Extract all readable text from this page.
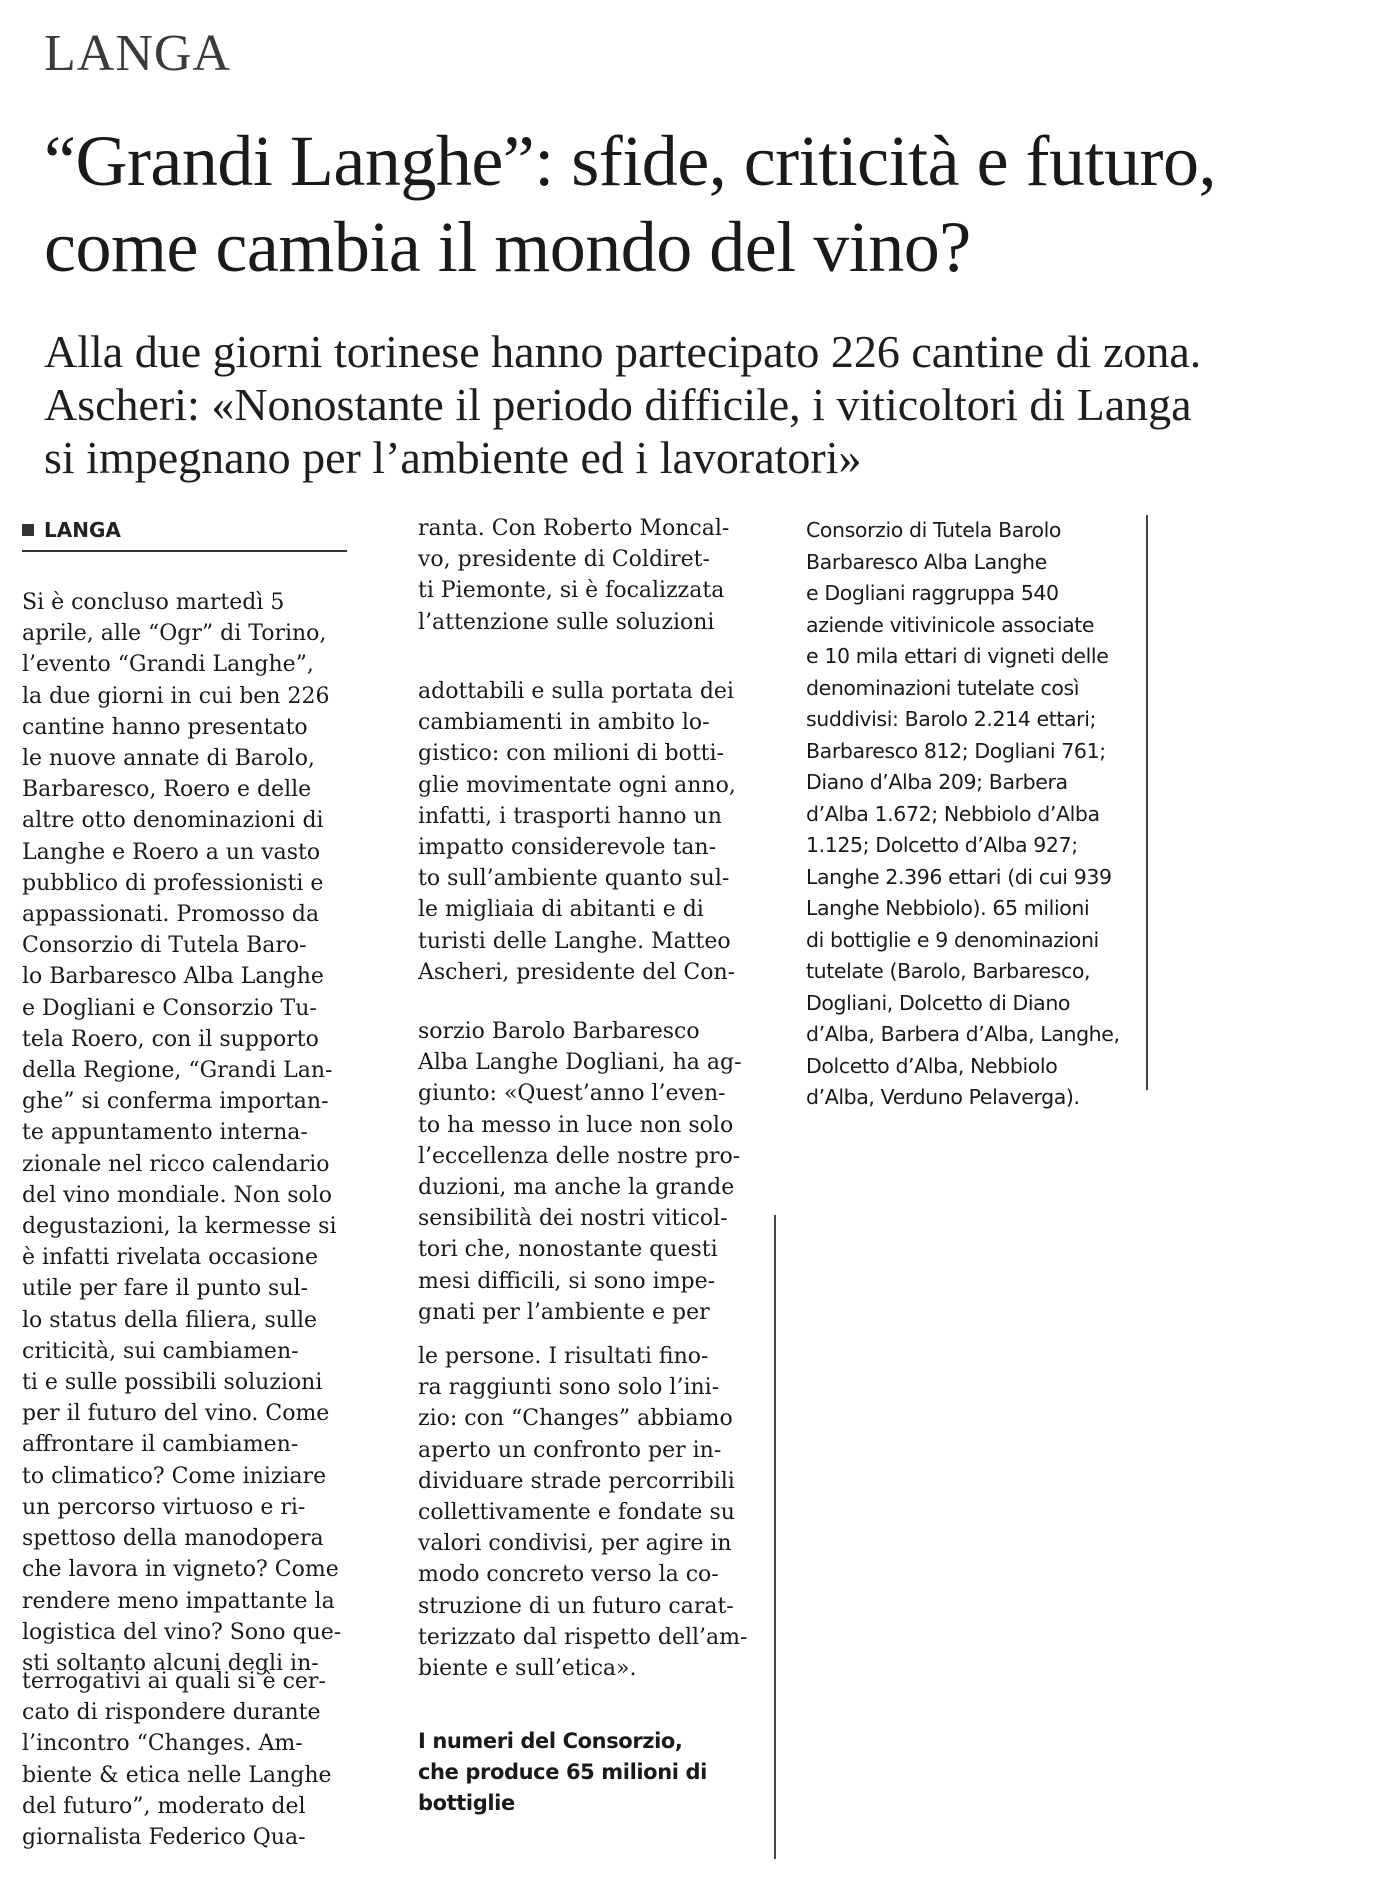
LANGA
“Grandi Langhe”: sfide, criticità e futuro,
come cambia il mondo del vino?
Alla due giorni torinese hanno partecipato 226 cantine di zona.
Ascheri: «Nonostante il periodo difficile, i viticoltori di Langa
si impegnano per l’ambiente ed i lavoratori»
LANGA
Si è concluso martedì 5
aprile, alle “Ogr” di Torino,
l’evento “Grandi Langhe”,
la due giorni in cui ben 226
cantine hanno presentato
le nuove annate di Barolo,
Barbaresco, Roero e delle
altre otto denominazioni di
Langhe e Roero a un vasto
pubblico di professionisti e
appassionati. Promosso da
Consorzio di Tutela Baro-
lo Barbaresco Alba Langhe
e Dogliani e Consorzio Tu-
tela Roero, con il supporto
della Regione, “Grandi Lan-
ghe” si conferma importan-
te appuntamento interna-
zionale nel ricco calendario
del vino mondiale. Non solo
degustazioni, la kermesse si
è infatti rivelata occasione
utile per fare il punto sul-
lo status della filiera, sulle
criticità, sui cambiamen-
ti e sulle possibili soluzioni
per il futuro del vino. Come
affrontare il cambiamen-
to climatico? Come iniziare
un percorso virtuoso e ri-
spettoso della manodopera
che lavora in vigneto? Come
rendere meno impattante la
logistica del vino? Sono que-
sti soltanto alcuni degli in-
terrogativi ai quali si è cer-
cato di rispondere durante
l’incontro “Changes. Am-
biente & etica nelle Langhe
del futuro”, moderato del
giornalista Federico Qua-
ranta. Con Roberto Moncal-
vo, presidente di Coldiret-
ti Piemonte, si è focalizzata
l’attenzione sulle soluzioni
adottabili e sulla portata dei
cambiamenti in ambito lo-
gistico: con milioni di botti-
glie movimentate ogni anno,
infatti, i trasporti hanno un
impatto considerevole tan-
to sull’ambiente quanto sul-
le migliaia di abitanti e di
turisti delle Langhe. Matteo
Ascheri, presidente del Con-
sorzio Barolo Barbaresco
Alba Langhe Dogliani, ha ag-
giunto: «Quest’anno l’even-
to ha messo in luce non solo
l’eccellenza delle nostre pro-
duzioni, ma anche la grande
sensibilità dei nostri viticol-
tori che, nonostante questi
mesi difficili, si sono impe-
gnati per l’ambiente e per
le persone. I risultati fino-
ra raggiunti sono solo l’ini-
zio: con “Changes” abbiamo
aperto un confronto per in-
dividuare strade percorribili
collettivamente e fondate su
valori condivisi, per agire in
modo concreto verso la co-
struzione di un futuro carat-
terizzato dal rispetto dell’am-
biente e sull’etica».
I numeri del Consorzio,
che produce 65 milioni di
bottiglie
Consorzio di Tutela Barolo
Barbaresco Alba Langhe
e Dogliani raggruppa 540
aziende vitivinicole associate
e 10 mila ettari di vigneti delle
denominazioni tutelate così
suddivisi: Barolo 2.214 ettari;
Barbaresco 812; Dogliani 761;
Diano d’Alba 209; Barbera
d’Alba 1.672; Nebbiolo d’Alba
1.125; Dolcetto d’Alba 927;
Langhe 2.396 ettari (di cui 939
Langhe Nebbiolo). 65 milioni
di bottiglie e 9 denominazioni
tutelate (Barolo, Barbaresco,
Dogliani, Dolcetto di Diano
d’Alba, Barbera d’Alba, Langhe,
Dolcetto d’Alba, Nebbiolo
d’Alba, Verduno Pelaverga).
